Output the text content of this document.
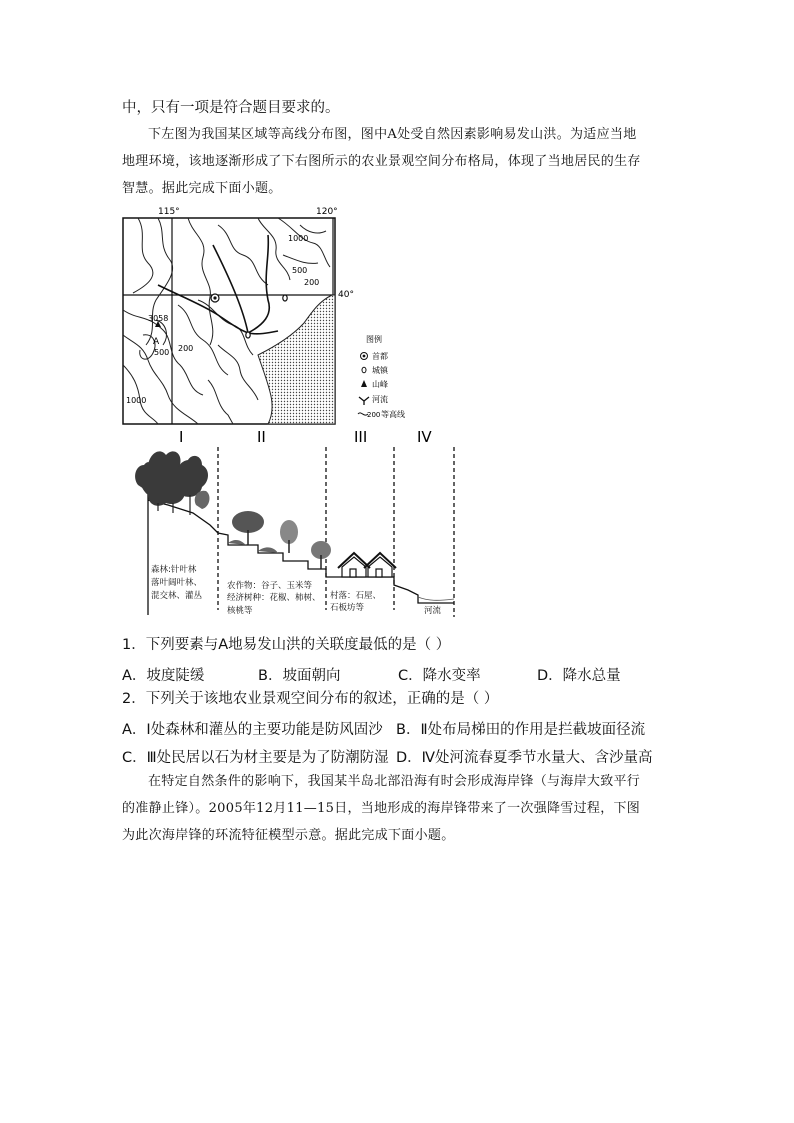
中，只有一项是符合题目要求的。
下左图为我国某区域等高线分布图，图中A处受自然因素影响易发山洪。为适应当地
地理环境，该地逐渐形成了下右图所示的农业景观空间分布格局，体现了当地居民的生存
智慧。据此完成下面小题。
115°	120°
40°
1000
500
200
3058
A
500 200
1000
图例
首都
城镇
山峰
河流
200 等高线
I	II	III	IV
森林:针叶林
落叶阔叶林、
混交林、灌丛
农作物：谷子、玉米等
经济树种：花椒、柿树、
核桃等
村落：石屋、
石板坊等	河流
1．下列要素与A地易发山洪的关联度最低的是（ ）
A．坡度陡缓	B．坡面朝向	C．降水变率	D．降水总量
2．下列关于该地农业景观空间分布的叙述，正确的是（ ）
A．Ⅰ处森林和灌丛的主要功能是防风固沙 B．Ⅱ处布局梯田的作用是拦截坡面径流
C．Ⅲ处民居以石为材主要是为了防潮防湿 D．Ⅳ处河流春夏季节水量大、含沙量高
在特定自然条件的影响下，我国某半岛北部沿海有时会形成海岸锋（与海岸大致平行
的准静止锋）。2005年12月11—15日，当地形成的海岸锋带来了一次强降雪过程，下图
为此次海岸锋的环流特征模型示意。据此完成下面小题。
